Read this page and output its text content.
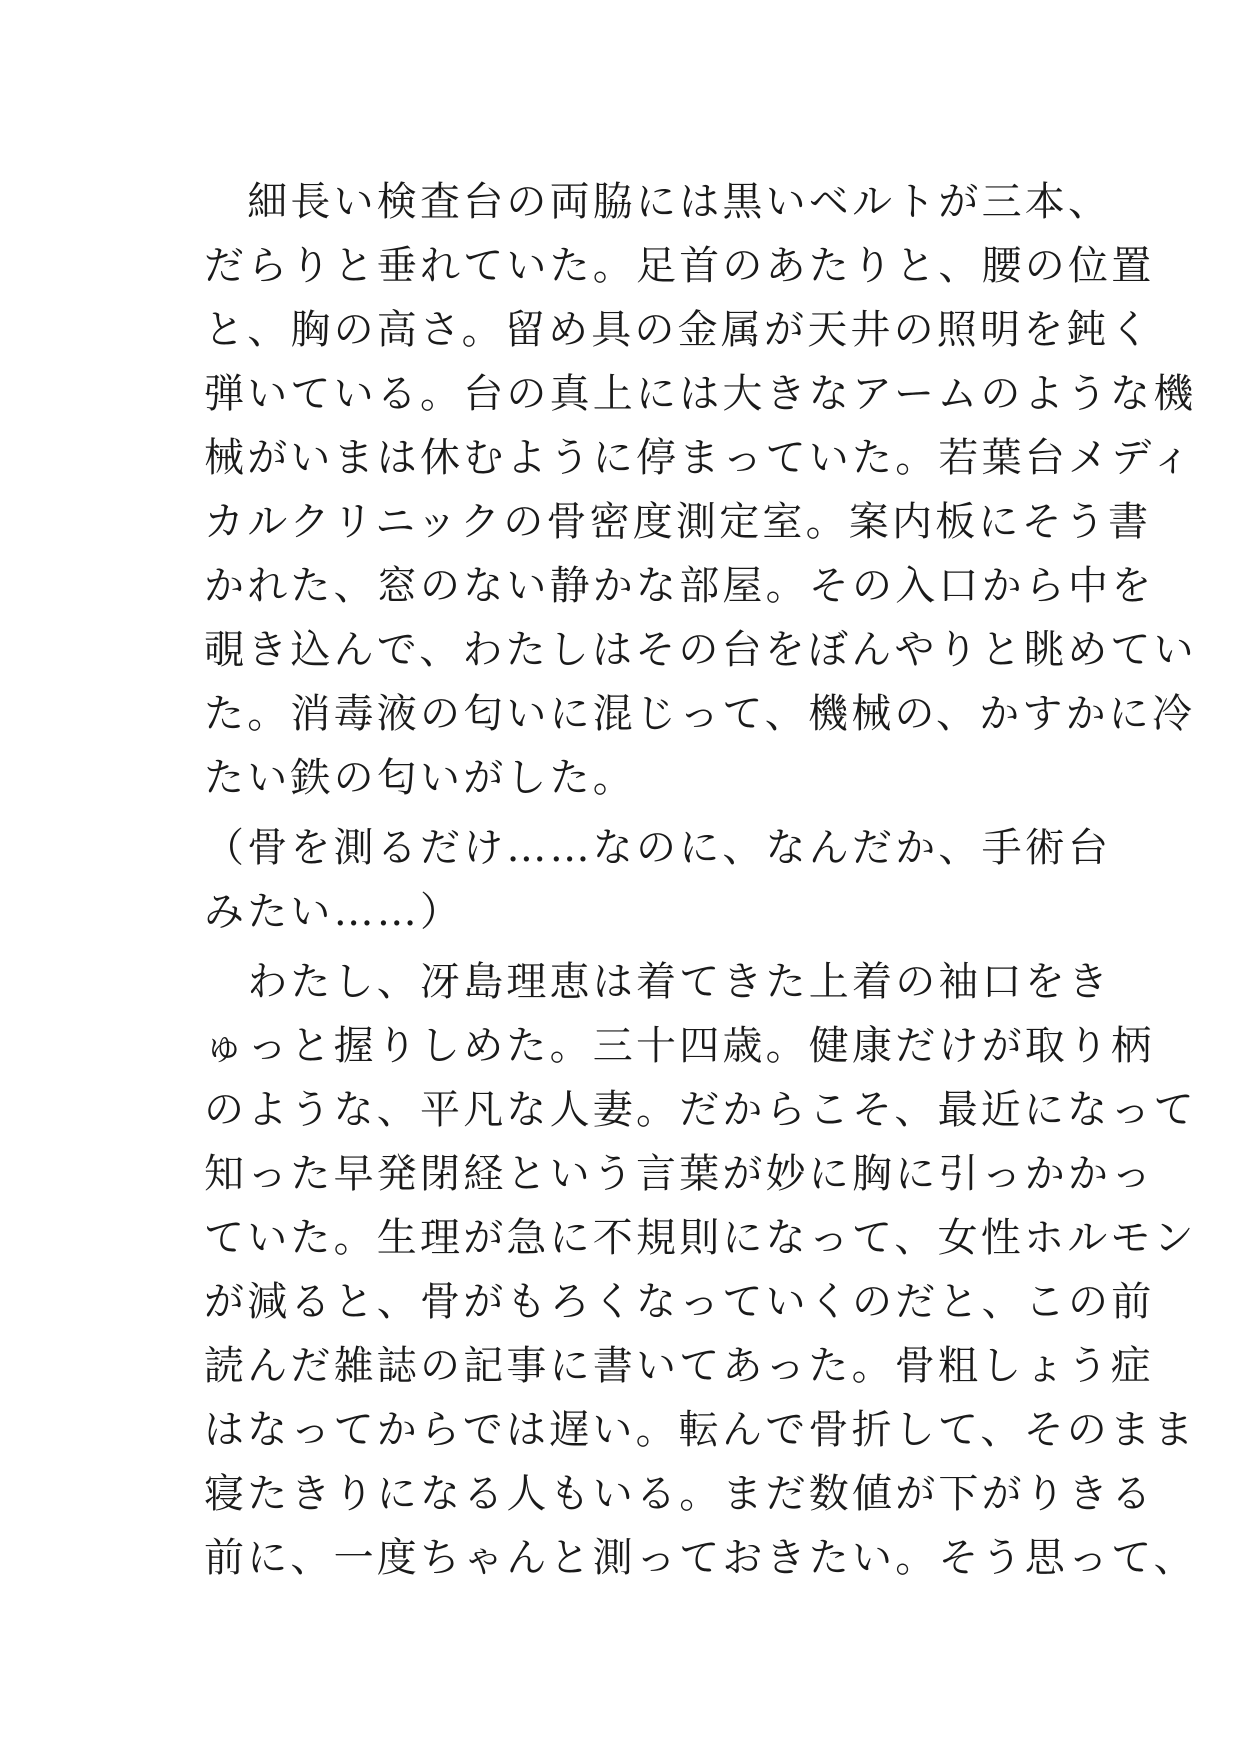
　細長い検査台の両脇には黒いベルトが三本、
だらりと垂れていた。足首のあたりと、腰の位置
と、胸の高さ。留め具の金属が天井の照明を鈍く
弾いている。台の真上には大きなアームのような機
械がいまは休むように停まっていた。若葉台メディ
カルクリニックの骨密度測定室。案内板にそう書
かれた、窓のない静かな部屋。その入口から中を
覗き込んで、わたしはその台をぼんやりと眺めてい
た。消毒液の匂いに混じって、機械の、かすかに冷
たい鉄の匂いがした。
（骨を測るだけ……なのに、なんだか、手術台
みたい……）
　わたし、冴島理恵は着てきた上着の袖口をき
ゅっと握りしめた。三十四歳。健康だけが取り柄
のような、平凡な人妻。だからこそ、最近になって
知った早発閉経という言葉が妙に胸に引っかかっ
ていた。生理が急に不規則になって、女性ホルモン
が減ると、骨がもろくなっていくのだと、この前
読んだ雑誌の記事に書いてあった。骨粗しょう症
はなってからでは遅い。転んで骨折して、そのまま
寝たきりになる人もいる。まだ数値が下がりきる
前に、一度ちゃんと測っておきたい。そう思って、
